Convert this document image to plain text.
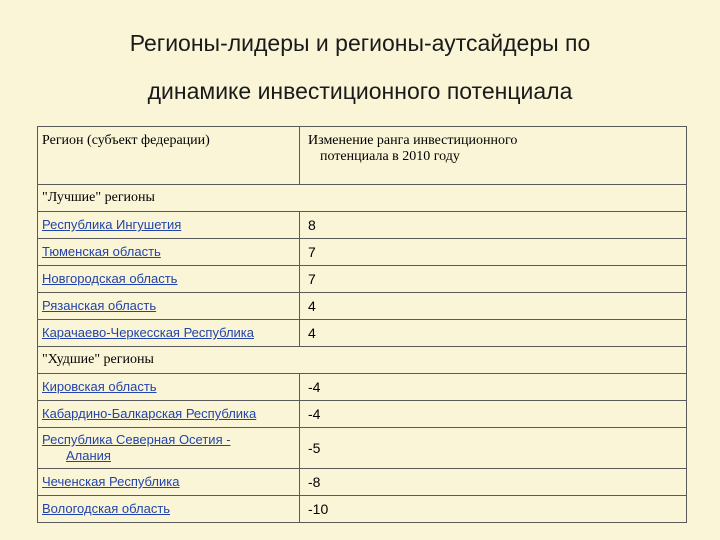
Регионы-лидеры и регионы-аутсайдеры по
динамике инвестиционного потенциала
Регион (субъект федерации)	Изменение ранга инвестиционного
потенциала в 2010 году

"Лучшие" регионы	
Республика Ингушетия	8
Тюменская область	7
Новгородская область	7
Рязанская область	4
Карачаево-Черкесская Республика	4
"Худшие" регионы	
Кировская область	-4
Кабардино-Балкарская Республика	-4
Республика Северная Осетия -
Алания	-5
Чеченская Республика	-8
Вологодская область	-10
